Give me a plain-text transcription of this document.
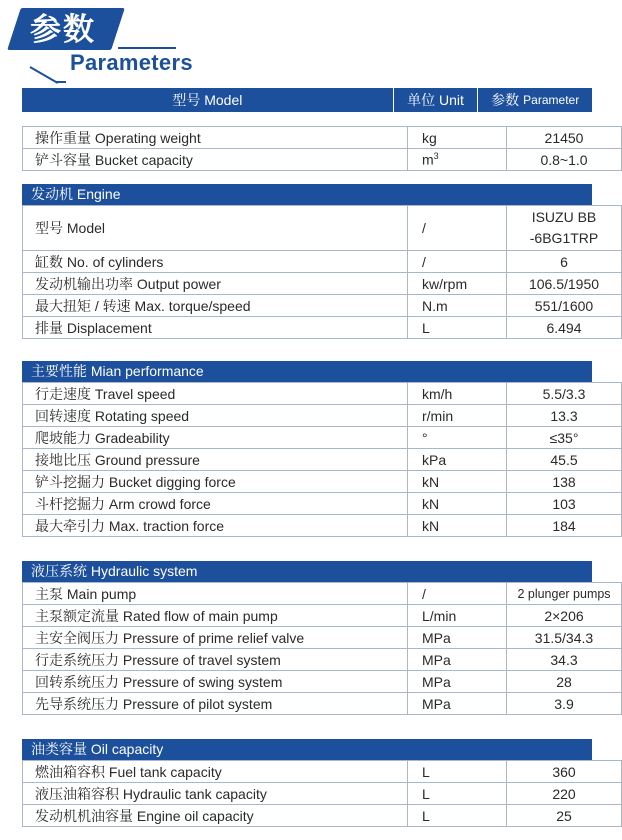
参数
Parameters
型号 Model	单位 Unit 参数 Parameter
操作重量 Operating weight	kg	21450
铲斗容量 Bucket capacity	$m^3$	0.8~1.0
发动机 Engine
型号 Model	/	ISUZU BB
-6BG1TRP

缸数 No. of cylinders	/	6
发动机输出功率 Output power	kw/rpm	106.5/1950
最大扭矩 / 转速 Max. torque/speed	N.m	551/1600
排量 Displacement	L	6.494
主要性能 Mian performance
行走速度 Travel speed	km/h	5.5/3.3
回转速度 Rotating speed	r/min	13.3
爬坡能力 Gradeability	°	≤35°
接地比压 Ground pressure	kPa	45.5
铲斗挖掘力 Bucket digging force	kN	138
斗杆挖掘力 Arm crowd force	kN	103
最大牵引力 Max. traction force	kN	184
液压系统 Hydraulic system
主泵 Main pump	/	2 plunger pumps
主泵额定流量 Rated flow of main pump	L/min	2×206
主安全阀压力 Pressure of prime relief valve	MPa	31.5/34.3
行走系统压力 Pressure of travel system	MPa	34.3
回转系统压力 Pressure of swing system	MPa	28
先导系统压力 Pressure of pilot system	MPa	3.9
油类容量 Oil capacity
燃油箱容积 Fuel tank capacity	L	360
液压油箱容积 Hydraulic tank capacity	L	220
发动机机油容量 Engine oil capacity	L	25
